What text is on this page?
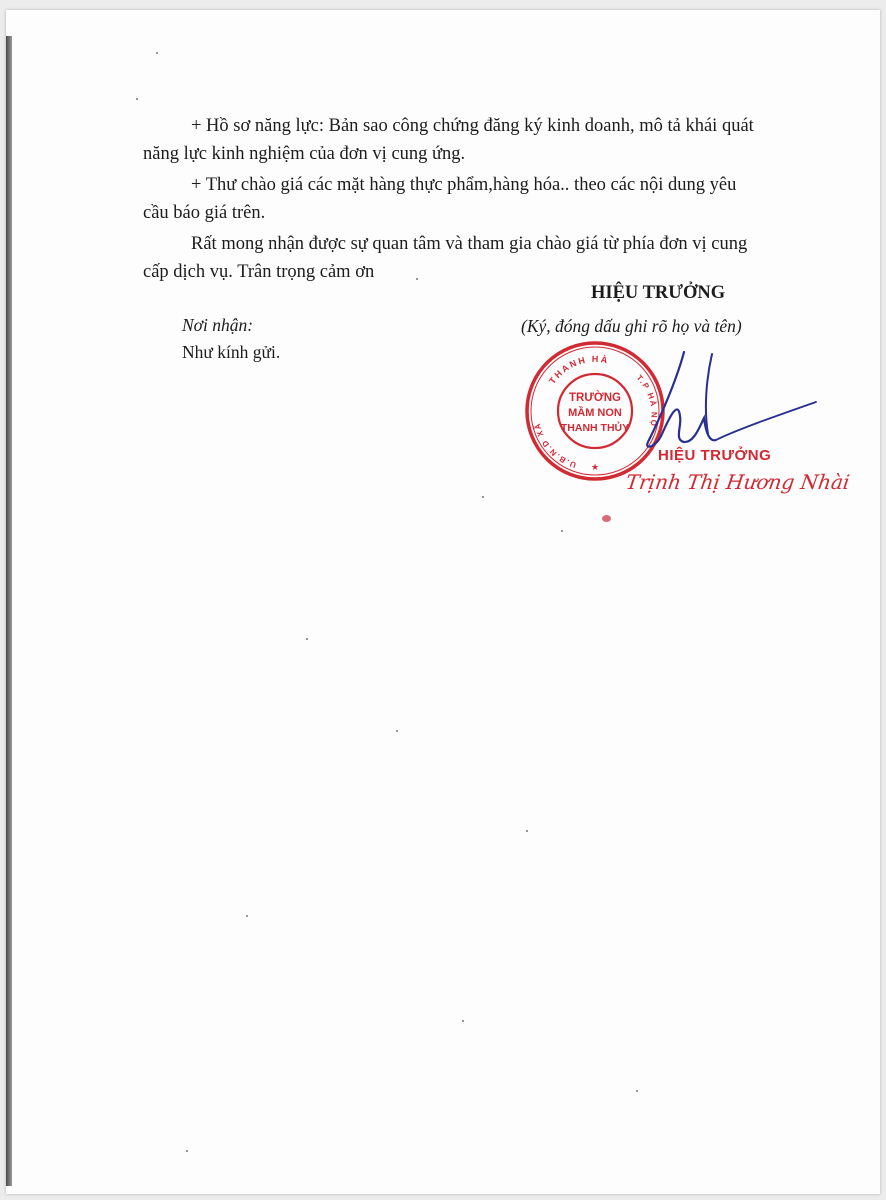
+ Hồ sơ năng lực: Bản sao công chứng đăng ký kinh doanh, mô tả khái quát
năng lực kinh nghiệm của đơn vị cung ứng.

+ Thư chào giá các mặt hàng thực phẩm,hàng hóa.. theo các nội dung yêu
cầu báo giá trên.

Rất mong nhận được sự quan tâm và tham gia chào giá từ phía đơn vị cung
cấp dịch vụ. Trân trọng cảm ơn

Nơi nhận:
Như kính gửi.
HIỆU TRƯỞNG
(Ký, đóng dấu ghi rõ họ và tên)
THANH HÀ
U.B.N.D XÃ
T.P HÀ NỘ
TRƯỜNG
MẦM NON
THANH THỦY
★
HIỆU TRƯỞNG
Trịnh Thị Hương Nhài
